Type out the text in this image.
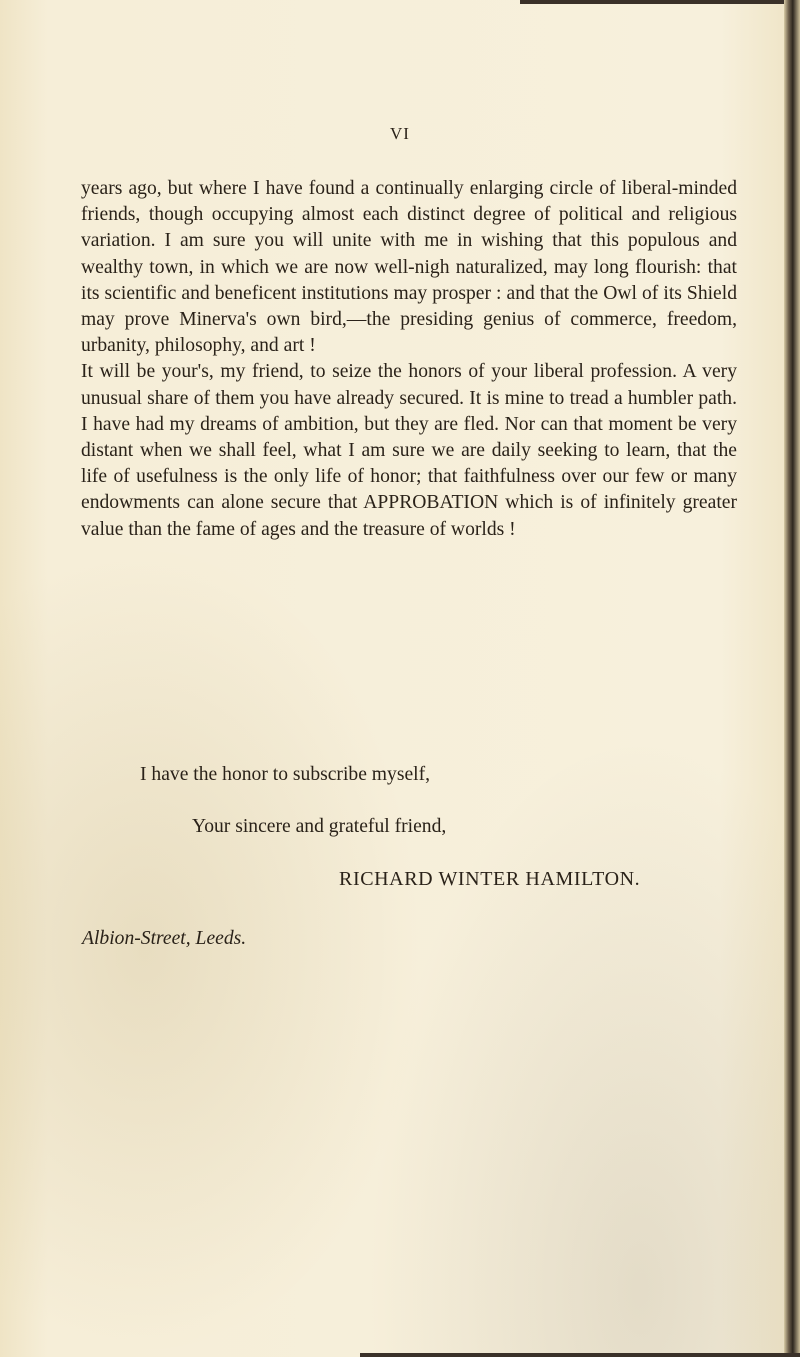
VI

years ago, but where I have found a continually enlarging circle of liberal-minded friends, though occupying almost each distinct degree of political and religious variation. I am sure you will unite with me in wishing that this populous and wealthy town, in which we are now well-nigh naturalized, may long flourish: that its scientific and beneficent institutions may prosper : and that the Owl of its Shield may prove Minerva's own bird,—the presiding genius of commerce, freedom, urbanity, philosophy, and art !

It will be your's, my friend, to seize the honors of your liberal profession. A very unusual share of them you have already secured. It is mine to tread a humbler path. I have had my dreams of ambition, but they are fled. Nor can that moment be very distant when we shall feel, what I am sure we are daily seeking to learn, that the life of usefulness is the only life of honor; that faithfulness over our few or many endowments can alone secure that APPROBATION which is of infinitely greater value than the fame of ages and the treasure of worlds !

I have the honor to subscribe myself,
Your sincere and grateful friend,
RICHARD WINTER HAMILTON.
Albion-Street, Leeds.
